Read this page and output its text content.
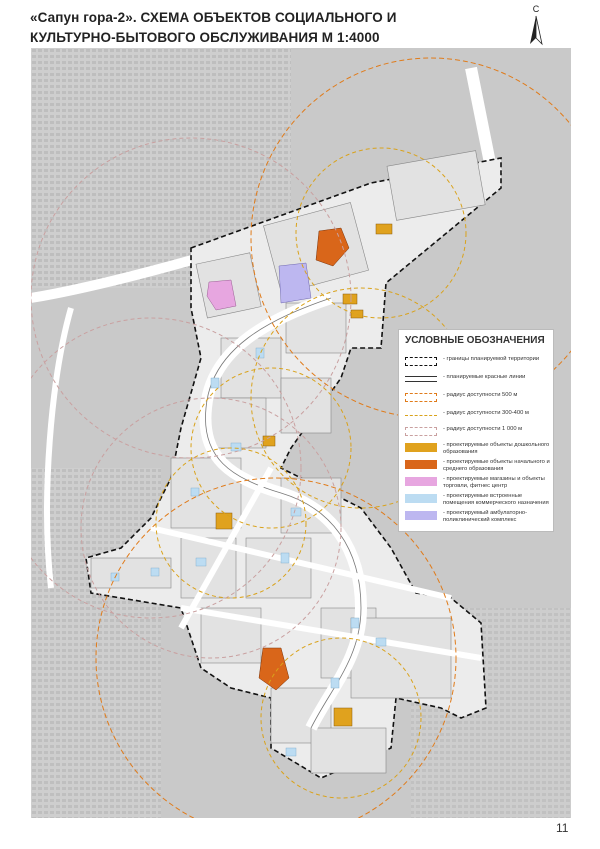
«Сапун гора-2». СХЕМА ОБЪЕКТОВ СОЦИАЛЬНОГО И
КУЛЬТУРНО-БЫТОВОГО ОБСЛУЖИВАНИЯ М 1:4000
С
УСЛОВНЫЕ ОБОЗНАЧЕНИЯ
- границы планируемой территории
- планируемые красные линии
- радиус доступности 500 м
- радиус доступности 300-400 м
- радиус доступности 1 000 м
- проектируемые объекты дошкольного образования
- проектируемые объекты начального и среднего образования
- проектируемые магазины и объекты торговли, фитнес центр
- проектируемые встроенные помещения коммерческого назначения
- проектируемый амбулаторно-поликлинический комплекс
11
